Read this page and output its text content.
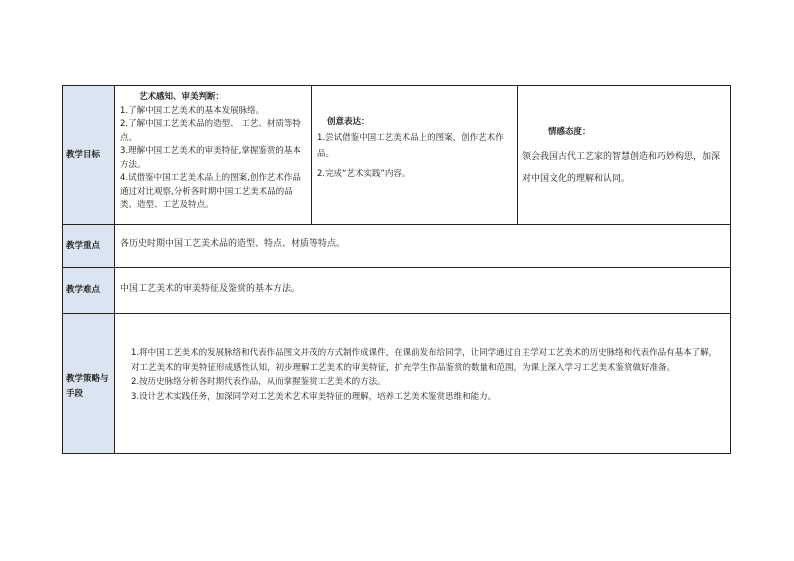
教学目标
艺术感知、审美判断：
1.了解中国工艺美术的基本发展脉络。
2.了解中国工艺美术品的造型、 工艺、材质等特点。
3.理解中国工艺美术的审美特征,掌握鉴赏的基本方法。
4.试借鉴中国工艺美术品上的图案,创作艺术作品通过对比观察,分析各时期中国工艺美术品的品类、造型、工艺及特点。
创意表达：
1.尝试借鉴中国工艺美术品上的图案，创作艺术作品。
2.完成“艺术实践”内容。
情感态度：
领会我国古代工艺家的智慧创造和巧妙构思，加深对中国文化的理解和认同。
教学重点	各历史时期中国工艺美术品的造型、特点、材质等特点。
教学难点	中国工艺美术的审美特征及鉴赏的基本方法。
教学策略与手段
1.将中国工艺美术的发展脉络和代表作品图文并茂的方式制作成课件，在课前发布给同学，让同学通过自主学对工艺美术的历史脉络和代表作品有基本了解，对工艺美术的审美特征形成感性认知，初步理解工艺美术的审美特征，扩充学生作品鉴赏的数量和范围，为课上深入学习工艺美术鉴赏做好准备。
2.按历史脉络分析各时期代表作品，从而掌握鉴赏工艺美术的方法。
3.设计艺术实践任务，加深同学对工艺美术艺术审美特征的理解，培养工艺美术鉴赏思维和能力。
